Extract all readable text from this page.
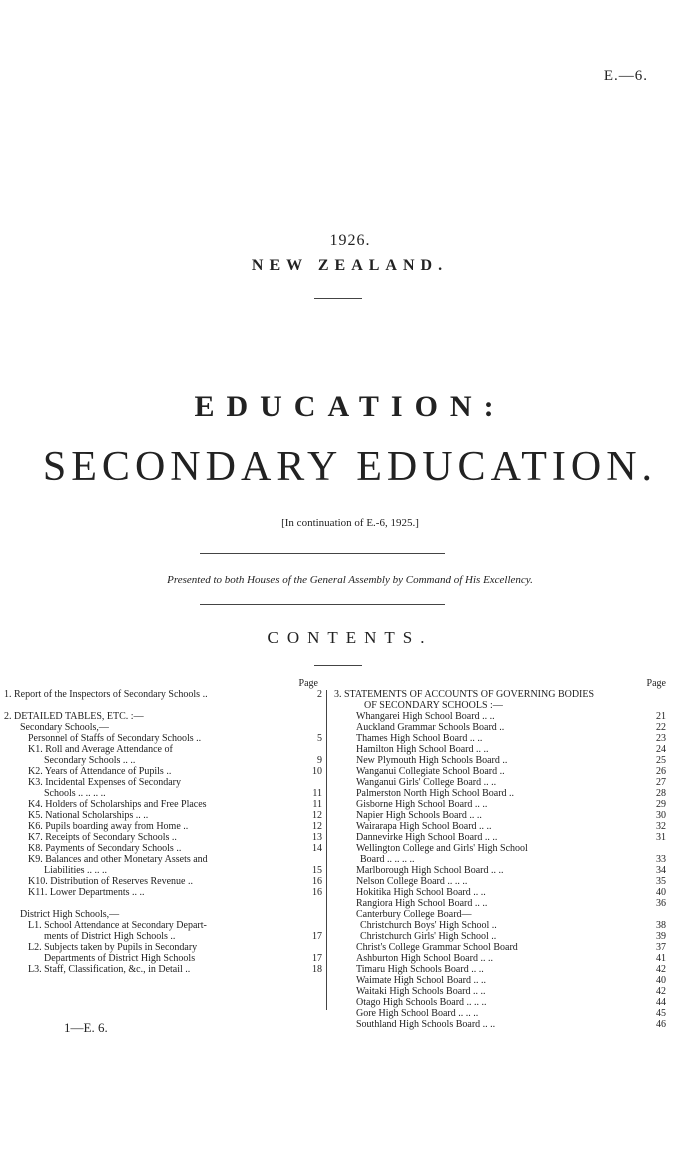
E.—6.
1926.
NEW ZEALAND.
EDUCATION:
SECONDARY EDUCATION.
[In continuation of E.-6, 1925.]
Presented to both Houses of the General Assembly by Command of His Excellency.
CONTENTS.
Page
1. Report of the Inspectors of Secondary Schools ..	2
2. DETAILED TABLES, ETC. :—
Secondary Schools,—
Personnel of Staffs of Secondary Schools ..	5
K1. Roll and Average Attendance of
Secondary Schools .. ..	9
K2. Years of Attendance of Pupils ..	10
K3. Incidental Expenses of Secondary
Schools .. .. .. ..	11
K4. Holders of Scholarships and Free Places	11
K5. National Scholarships .. ..	12
K6. Pupils boarding away from Home ..	12
K7. Receipts of Secondary Schools ..	13
K8. Payments of Secondary Schools ..	14
K9. Balances and other Monetary Assets and
Liabilities .. .. ..	15
K10. Distribution of Reserves Revenue ..	16
K11. Lower Departments .. ..	16
District High Schools,—
L1. School Attendance at Secondary Depart-
ments of District High Schools ..	17
L2. Subjects taken by Pupils in Secondary
Departments of District High Schools	17
L3. Staff, Classification, &c., in Detail ..	18
Page
3. STATEMENTS OF ACCOUNTS OF GOVERNING BODIES
OF SECONDARY SCHOOLS :—
Whangarei High School Board .. ..	21
Auckland Grammar Schools Board ..	22
Thames High School Board .. ..	23
Hamilton High School Board .. ..	24
New Plymouth High Schools Board ..	25
Wanganui Collegiate School Board ..	26
Wanganui Girls' College Board .. ..	27
Palmerston North High School Board ..	28
Gisborne High School Board .. ..	29
Napier High Schools Board .. ..	30
Wairarapa High School Board .. ..	32
Dannevirke High School Board .. ..	31
Wellington College and Girls' High School
Board .. .. .. ..	33
Marlborough High School Board .. ..	34
Nelson College Board .. .. ..	35
Hokitika High School Board .. ..	40
Rangiora High School Board .. ..	36
Canterbury College Board—
Christchurch Boys' High School ..	38
Christchurch Girls' High School ..	39
Christ's College Grammar School Board	37
Ashburton High School Board .. ..	41
Timaru High Schools Board .. ..	42
Waimate High School Board .. ..	40
Waitaki High Schools Board .. ..	42
Otago High Schools Board .. .. ..	44
Gore High School Board .. .. ..	45
Southland High Schools Board .. ..	46
1—E. 6.
